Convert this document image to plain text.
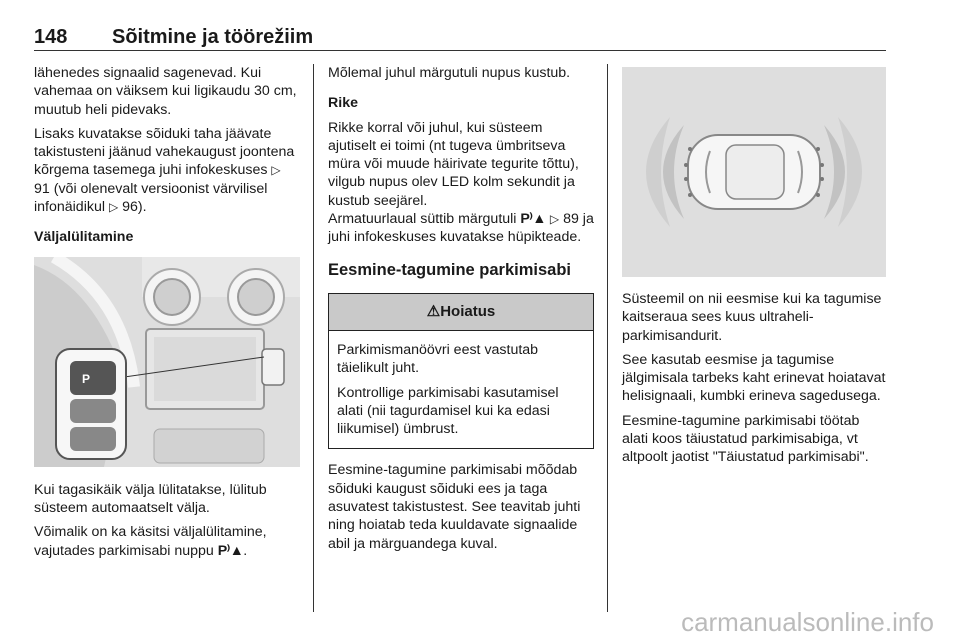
148 Sõitmine ja töörežiim

lähenedes signaalid sagenevad. Kui vahemaa on väiksem kui ligikaudu 30 cm, muutub heli pidevaks.

Lisaks kuvatakse sõiduki taha jäävate takistusteni jäänud vahekaugust joontena kõrgema tasemega juhi infokeskuses ▷ 91 (või olenevalt versioonist värvilisel infonäidikul ▷ 96).

Väljalülitamine

P

Kui tagasikäik välja lülitatakse, lülitub süsteem automaatselt välja.

Võimalik on ka käsitsi väljalülitamine, vajutades parkimisabi nuppu P⁾▲.

Mõlemal juhul märgutuli nupus kustub.

Rike

Rikke korral või juhul, kui süsteem ajutiselt ei toimi (nt tugeva ümbritseva müra või muude häirivate tegurite tõttu), vilgub nupus olev LED kolm sekundit ja kustub seejärel.

Armatuurlaual süttib märgutuli P⁾▲ ▷ 89 ja juhi infokeskuses kuvatakse hüpikteade.

Eesmine-tagumine parkimisabi

⚠Hoiatus

Parkimismanöövri eest vastutab täielikult juht.

Kontrollige parkimisabi kasutamisel alati (nii tagurdamisel kui ka edasi liikumisel) ümbrust.

Eesmine-tagumine parkimisabi mõõdab sõiduki kaugust sõiduki ees ja taga asuvatest takistustest. See teavitab juhti ning hoiatab teda kuuldavate signaalide abil ja märguandega kuval.

Süsteemil on nii eesmise kui ka tagumise kaitseraua sees kuus ultraheli-parkimisandurit.

See kasutab eesmise ja tagumise jälgimisala tarbeks kaht erinevat hoiatavat helisignaali, kumbki erineva sagedusega.

Eesmine-tagumine parkimisabi töötab alati koos täiustatud parkimisabiga, vt altpoolt jaotist "Täiustatud parkimisabi".

carmanualsonline.info
